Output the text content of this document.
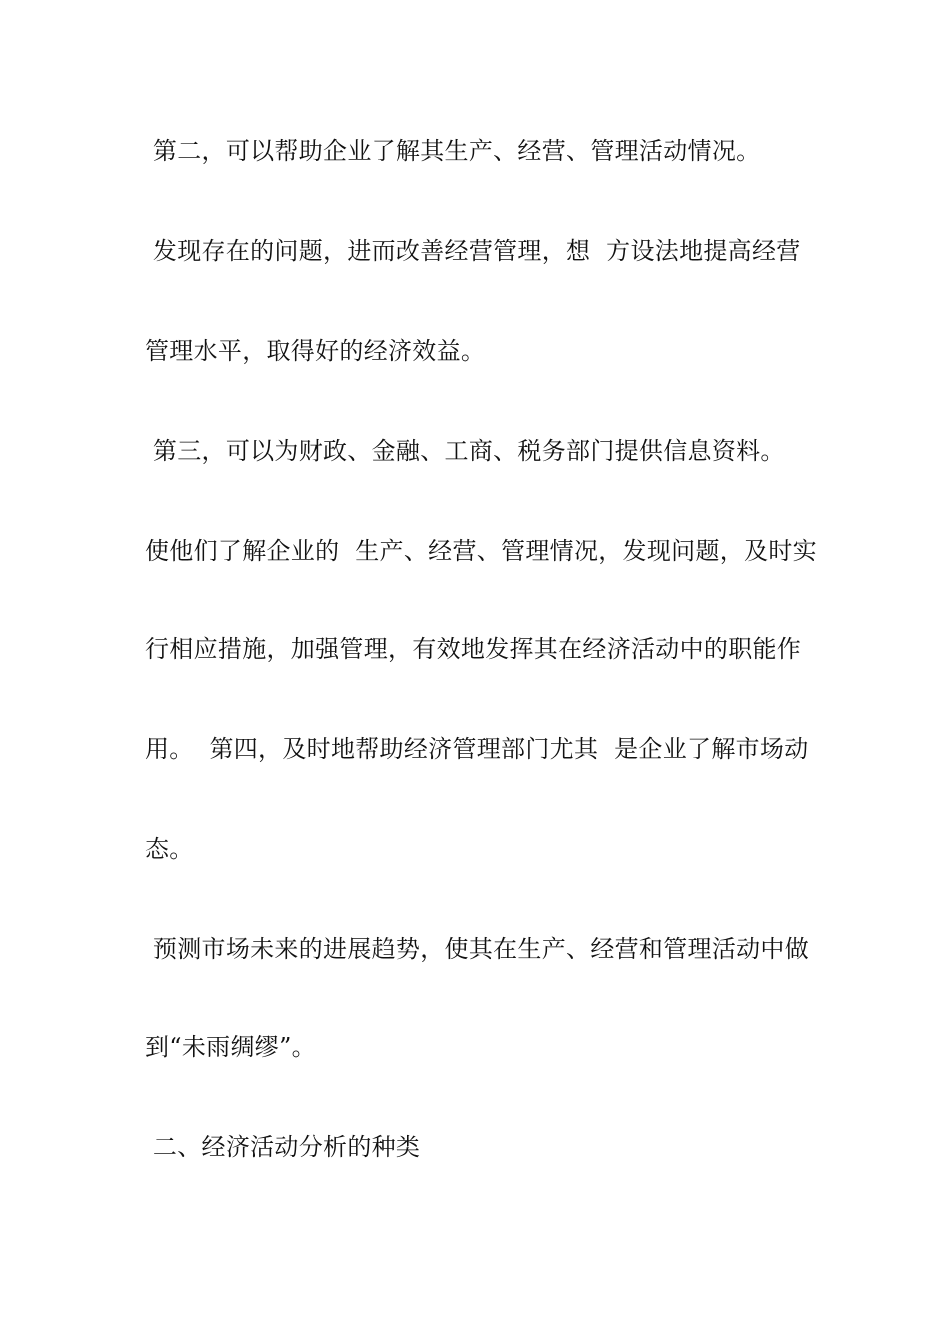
第二，可以帮助企业了解其生产、经营、管理活动情况。
发现存在的问题，进而改善经营管理，想  方设法地提高经营
管理水平，取得好的经济效益。
第三，可以为财政、金融、工商、税务部门提供信息资料。
使他们了解企业的  生产、经营、管理情况，发现问题，及时实
行相应措施，加强管理，有效地发挥其在经济活动中的职能作
用。  第四，及时地帮助经济管理部门尤其  是企业了解市场动
态。
预测市场未来的进展趋势，使其在生产、经营和管理活动中做
到“未雨绸缪”。
二、经济活动分析的种类
